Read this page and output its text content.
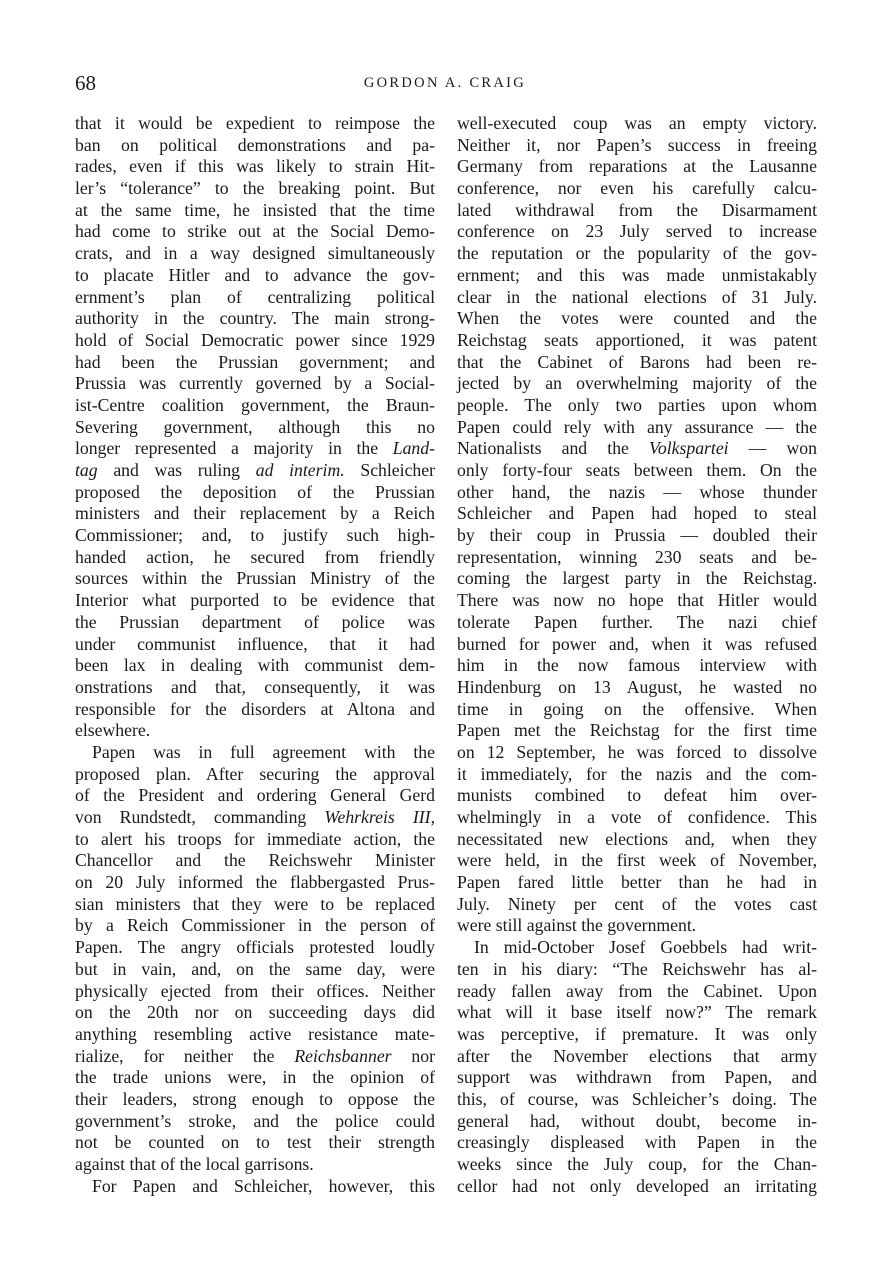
68	GORDON A. CRAIG
that it would be expedient to reimpose the
ban on political demonstrations and pa-
rades, even if this was likely to strain Hit-
ler’s “tolerance” to the breaking point. But
at the same time, he insisted that the time
had come to strike out at the Social Demo-
crats, and in a way designed simultaneously
to placate Hitler and to advance the gov-
ernment’s plan of centralizing political
authority in the country. The main strong-
hold of Social Democratic power since 1929
had been the Prussian government; and
Prussia was currently governed by a Social-
ist-Centre coalition government, the Braun-
Severing government, although this no
longer represented a majority in the Land-
tag and was ruling ad interim. Schleicher
proposed the deposition of the Prussian
ministers and their replacement by a Reich
Commissioner; and, to justify such high-
handed action, he secured from friendly
sources within the Prussian Ministry of the
Interior what purported to be evidence that
the Prussian department of police was
under communist influence, that it had
been lax in dealing with communist dem-
onstrations and that, consequently, it was
responsible for the disorders at Altona and
elsewhere.
Papen was in full agreement with the
proposed plan. After securing the approval
of the President and ordering General Gerd
von Rundstedt, commanding Wehrkreis III,
to alert his troops for immediate action, the
Chancellor and the Reichswehr Minister
on 20 July informed the flabbergasted Prus-
sian ministers that they were to be replaced
by a Reich Commissioner in the person of
Papen. The angry officials protested loudly
but in vain, and, on the same day, were
physically ejected from their offices. Neither
on the 20th nor on succeeding days did
anything resembling active resistance mate-
rialize, for neither the Reichsbanner nor
the trade unions were, in the opinion of
their leaders, strong enough to oppose the
government’s stroke, and the police could
not be counted on to test their strength
against that of the local garrisons.
For Papen and Schleicher, however, this
well-executed coup was an empty victory.
Neither it, nor Papen’s success in freeing
Germany from reparations at the Lausanne
conference, nor even his carefully calcu-
lated withdrawal from the Disarmament
conference on 23 July served to increase
the reputation or the popularity of the gov-
ernment; and this was made unmistakably
clear in the national elections of 31 July.
When the votes were counted and the
Reichstag seats apportioned, it was patent
that the Cabinet of Barons had been re-
jected by an overwhelming majority of the
people. The only two parties upon whom
Papen could rely with any assurance — the
Nationalists and the Volkspartei — won
only forty-four seats between them. On the
other hand, the nazis — whose thunder
Schleicher and Papen had hoped to steal
by their coup in Prussia — doubled their
representation, winning 230 seats and be-
coming the largest party in the Reichstag.
There was now no hope that Hitler would
tolerate Papen further. The nazi chief
burned for power and, when it was refused
him in the now famous interview with
Hindenburg on 13 August, he wasted no
time in going on the offensive. When
Papen met the Reichstag for the first time
on 12 September, he was forced to dissolve
it immediately, for the nazis and the com-
munists combined to defeat him over-
whelmingly in a vote of confidence. This
necessitated new elections and, when they
were held, in the first week of November,
Papen fared little better than he had in
July. Ninety per cent of the votes cast
were still against the government.
In mid-October Josef Goebbels had writ-
ten in his diary: “The Reichswehr has al-
ready fallen away from the Cabinet. Upon
what will it base itself now?” The remark
was perceptive, if premature. It was only
after the November elections that army
support was withdrawn from Papen, and
this, of course, was Schleicher’s doing. The
general had, without doubt, become in-
creasingly displeased with Papen in the
weeks since the July coup, for the Chan-
cellor had not only developed an irritating
